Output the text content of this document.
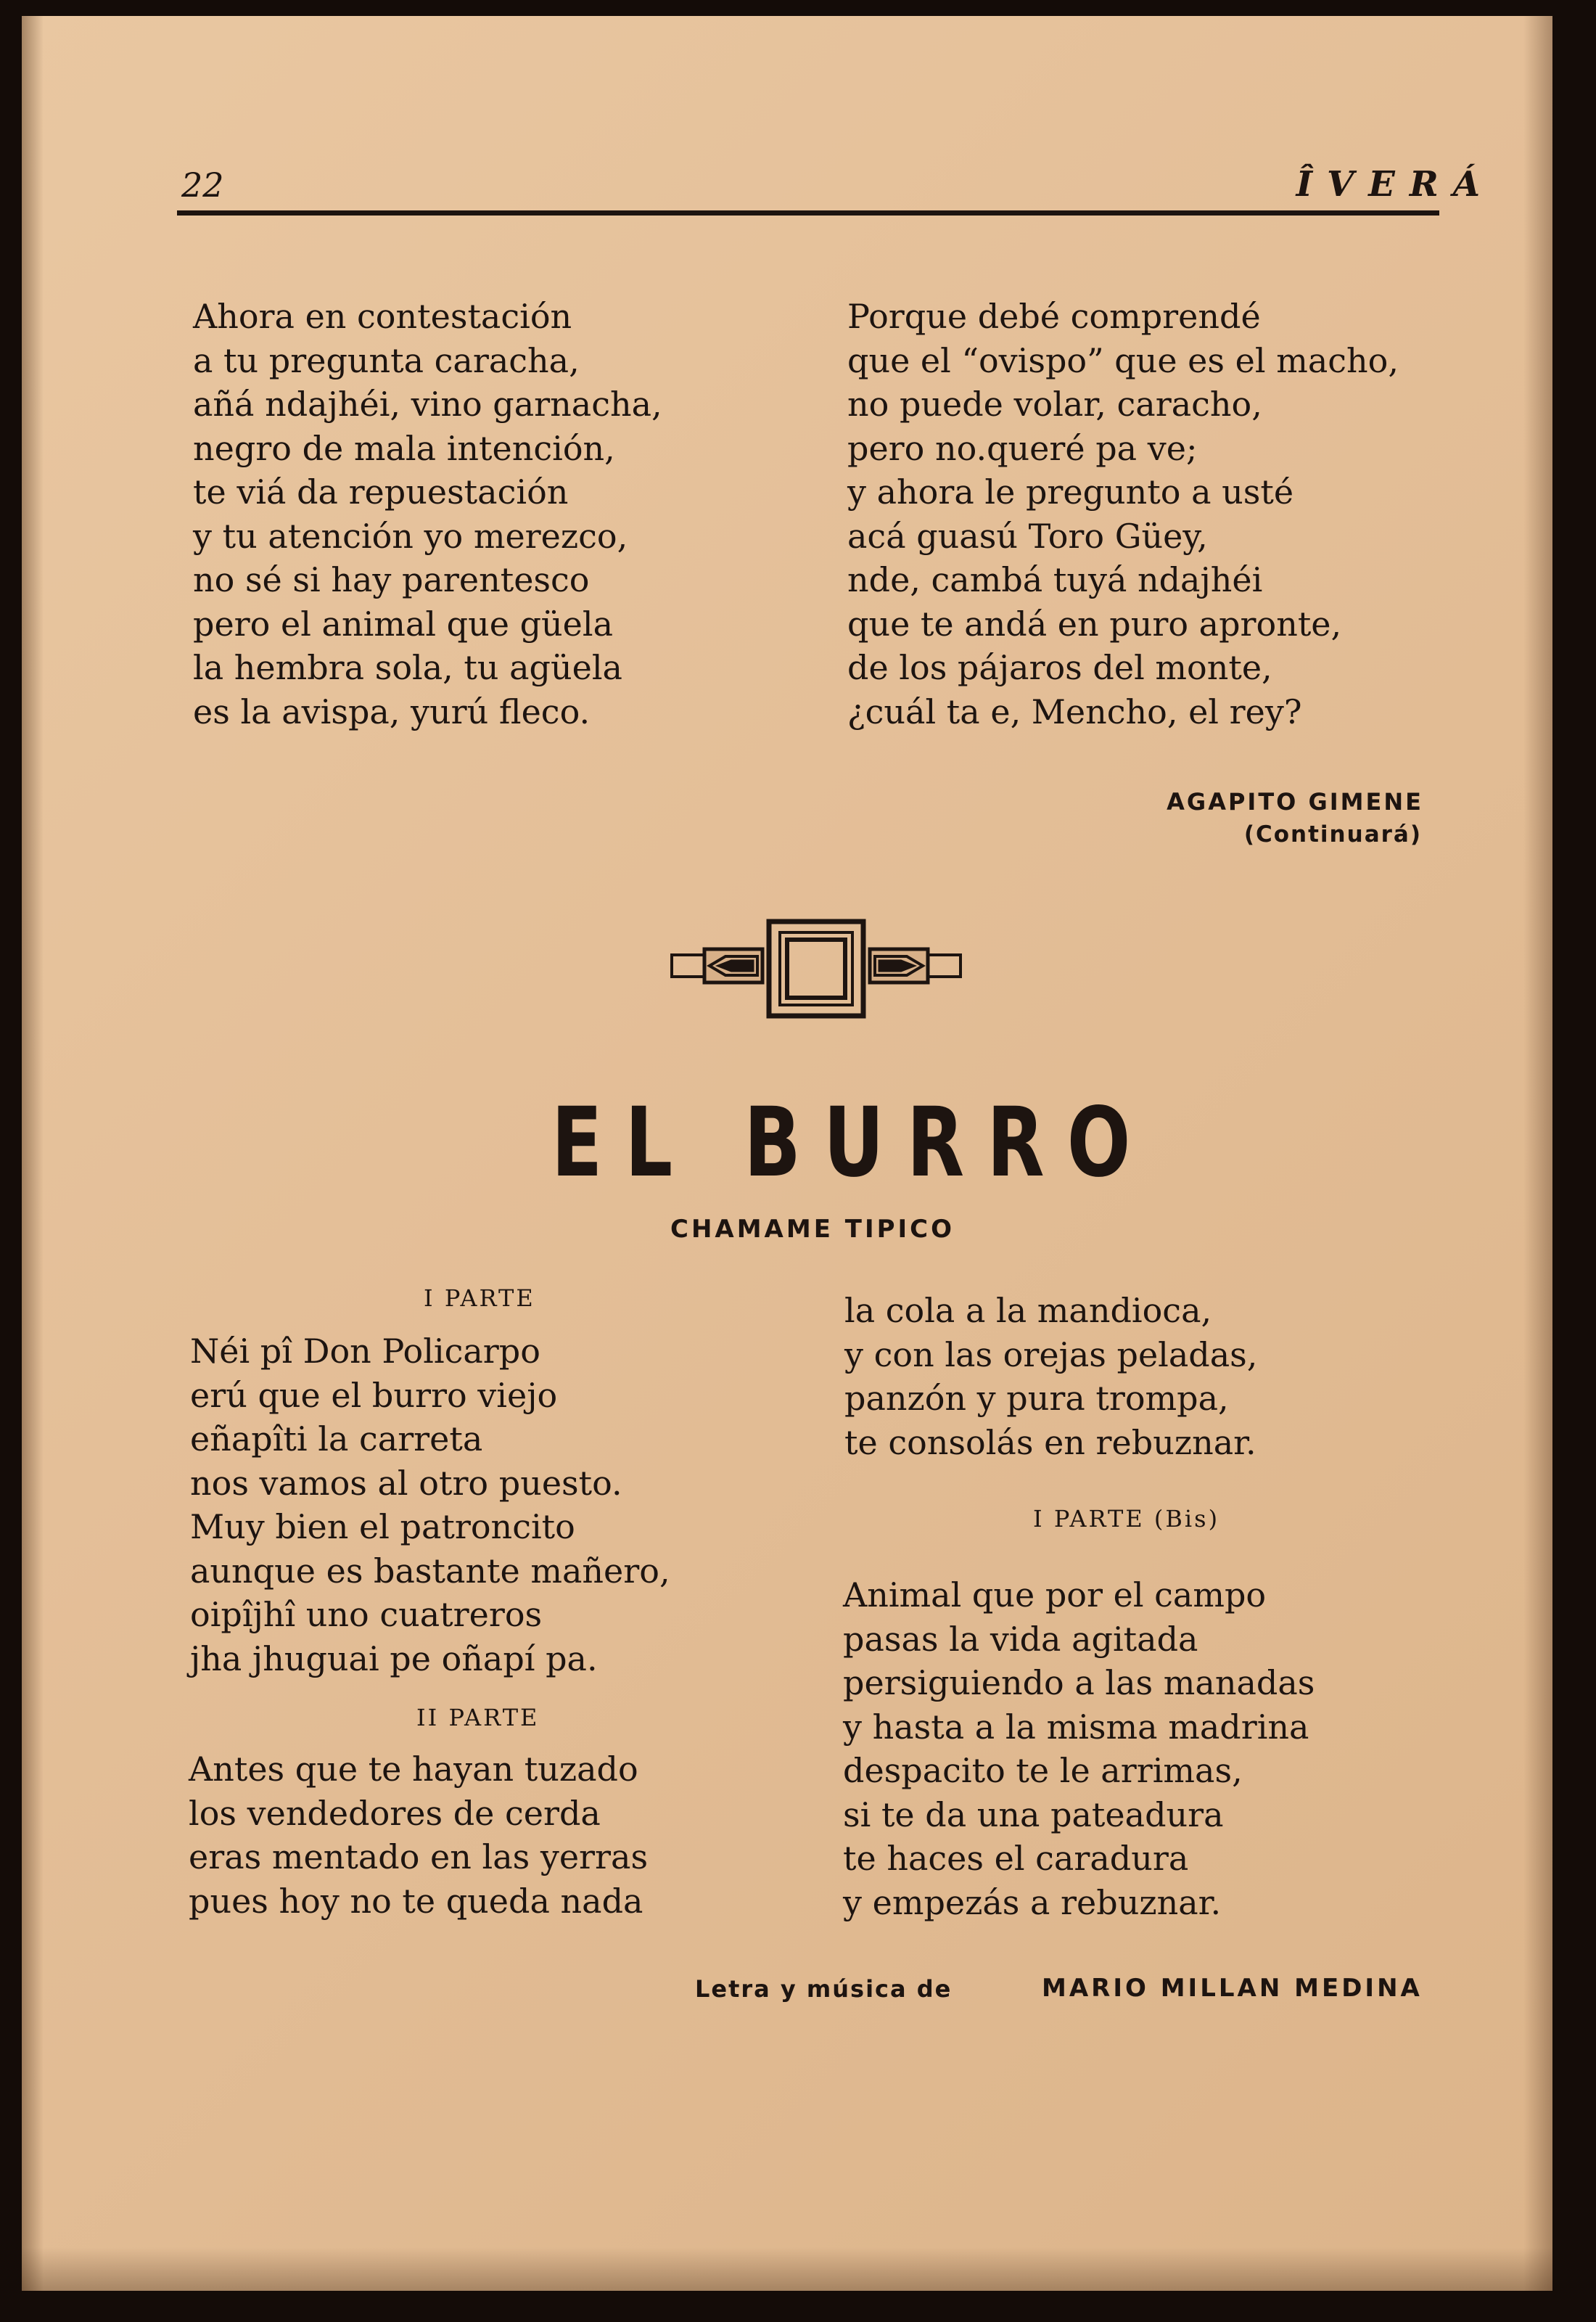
22	ÎVERÁ
Ahora en contestación
a tu pregunta caracha,
añá ndajhéi, vino garnacha,
negro de mala intención,
te viá da repuestación
y tu atención yo merezco,
no sé si hay parentesco
pero el animal que güela
la hembra sola, tu agüela
es la avispa, yurú fleco.
Porque debé comprendé
que el “ovispo” que es el macho,
no puede volar, caracho,
pero no.queré pa ve;
y ahora le pregunto a usté
acá guasú Toro Güey,
nde, cambá tuyá ndajhéi
que te andá en puro apronte,
de los pájaros del monte,
¿cuál ta e, Mencho, el rey?
AGAPITO GIMENE
(Continuará)
EL BURRO
CHAMAME TIPICO
I PARTE
Néi pî Don Policarpo
erú que el burro viejo
eñapîti la carreta
nos vamos al otro puesto.
Muy bien el patroncito
aunque es bastante mañero,
oipîjhî uno cuatreros
jha jhuguai pe oñapí pa.
II PARTE
Antes que te hayan tuzado
los vendedores de cerda
eras mentado en las yerras
pues hoy no te queda nada
la cola a la mandioca,
y con las orejas peladas,
panzón y pura trompa,
te consolás en rebuznar.
I PARTE (Bis)
Animal que por el campo
pasas la vida agitada
persiguiendo a las manadas
y hasta a la misma madrina
despacito te le arrimas,
si te da una pateadura
te haces el caradura
y empezás a rebuznar.
Letra y música de	MARIO MILLAN MEDINA
